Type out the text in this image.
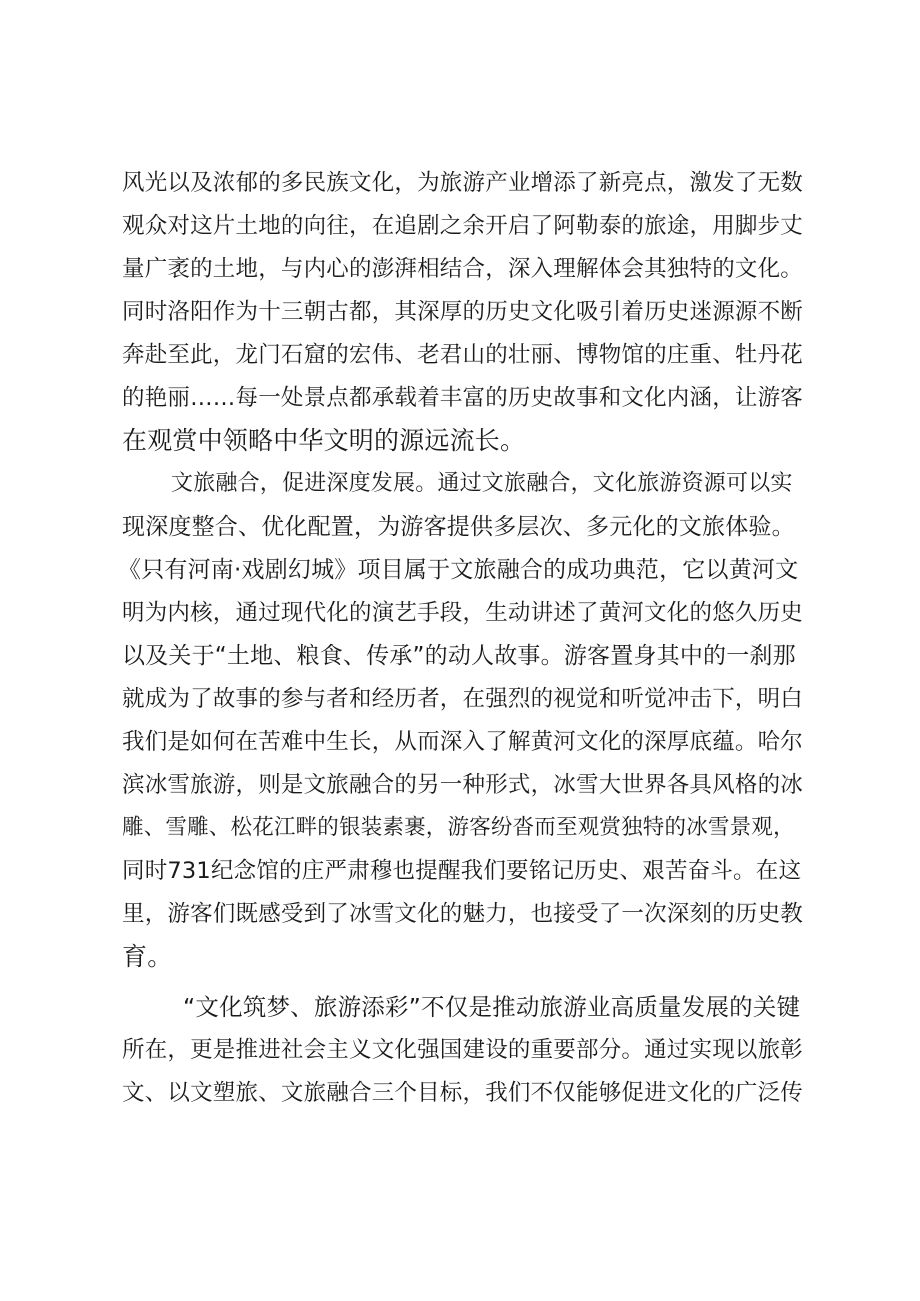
风光以及浓郁的多民族文化，为旅游产业增添了新亮点，激发了无数
观众对这片土地的向往，在追剧之余开启了阿勒泰的旅途，用脚步丈
量广袤的土地，与内心的澎湃相结合，深入理解体会其独特的文化。
同时洛阳作为十三朝古都，其深厚的历史文化吸引着历史迷源源不断
奔赴至此，龙门石窟的宏伟、老君山的壮丽、博物馆的庄重、牡丹花
的艳丽……每一处景点都承载着丰富的历史故事和文化内涵，让游客
在观赏中领略中华文明的源远流长。
文旅融合，促进深度发展。通过文旅融合，文化旅游资源可以实
现深度整合、优化配置，为游客提供多层次、多元化的文旅体验。
《只有河南·戏剧幻城》项目属于文旅融合的成功典范，它以黄河文
明为内核，通过现代化的演艺手段，生动讲述了黄河文化的悠久历史
以及关于“土地、粮食、传承”的动人故事。游客置身其中的一刹那
就成为了故事的参与者和经历者，在强烈的视觉和听觉冲击下，明白
我们是如何在苦难中生长，从而深入了解黄河文化的深厚底蕴。哈尔
滨冰雪旅游，则是文旅融合的另一种形式，冰雪大世界各具风格的冰
雕、雪雕、松花江畔的银装素裹，游客纷沓而至观赏独特的冰雪景观，
同时731纪念馆的庄严肃穆也提醒我们要铭记历史、艰苦奋斗。在这
里，游客们既感受到了冰雪文化的魅力，也接受了一次深刻的历史教
育。
“文化筑梦、旅游添彩”不仅是推动旅游业高质量发展的关键
所在，更是推进社会主义文化强国建设的重要部分。通过实现以旅彰
文、以文塑旅、文旅融合三个目标，我们不仅能够促进文化的广泛传
